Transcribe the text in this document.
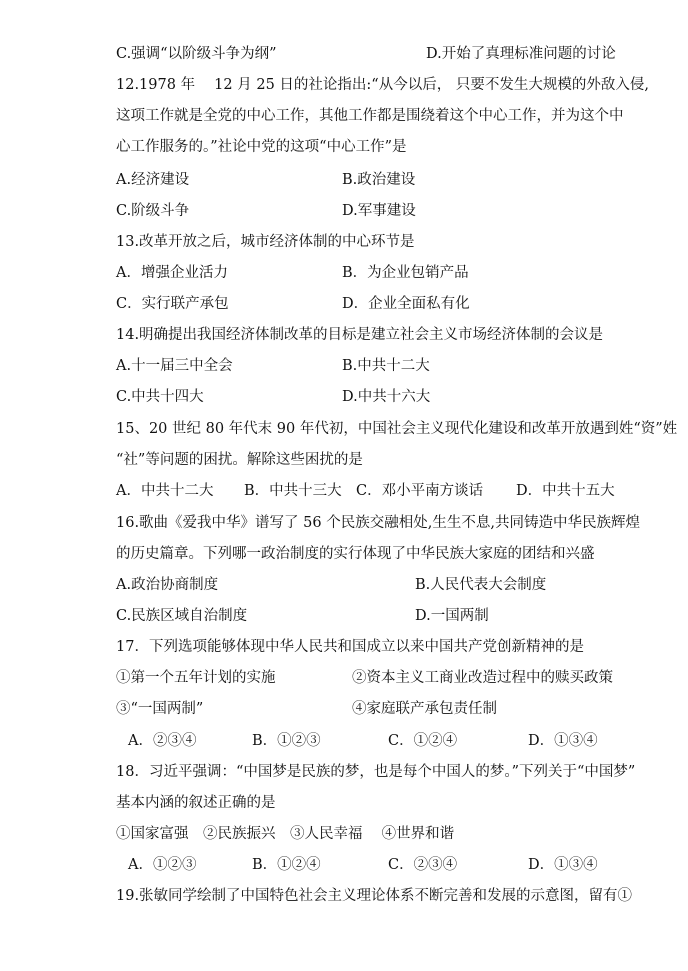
C.强调“以阶级斗争为纲”	D.开始了真理标准问题的讨论
12.1978 年　 12 月 25 日的社论指出:“从今以后， 只要不发生大规模的外敌入侵,
这项工作就是全党的中心工作，其他工作都是围绕着这个中心工作，并为这个中
心工作服务的。”社论中党的这项“中心工作”是
A.经济建设	B.政治建设
C.阶级斗争	D.军事建设
13.改革开放之后，城市经济体制的中心环节是
A．增强企业活力	B．为企业包销产品
C．实行联产承包	D．企业全面私有化
14.明确提出我国经济体制改革的目标是建立社会主义市场经济体制的会议是
A.十一届三中全会	B.中共十二大
C.中共十四大	D.中共十六大
15、20 世纪 80 年代末 90 年代初，中国社会主义现代化建设和改革开放遇到姓“资”姓
“社”等问题的困扰。解除这些困扰的是
A．中共十二大 B．中共十三大 C．邓小平南方谈话 D．中共十五大
16.歌曲《爱我中华》谱写了 56 个民族交融相处,生生不息,共同铸造中华民族辉煌
的历史篇章。下列哪一政治制度的实行体现了中华民族大家庭的团结和兴盛
A.政治协商制度	B.人民代表大会制度
C.民族区域自治制度	D.一国两制
17．下列选项能够体现中华人民共和国成立以来中国共产党创新精神的是
①第一个五年计划的实施	②资本主义工商业改造过程中的赎买政策
③“一国两制”	④家庭联产承包责任制
A．②③④	B．①②③	C．①②④	D．①③④
18．习近平强调：“中国梦是民族的梦，也是每个中国人的梦。”下列关于“中国梦”
基本内涵的叙述正确的是
①国家富强　②民族振兴　③人民幸福　 ④世界和谐
A．①②③	B．①②④	C．②③④	D．①③④
19.张敏同学绘制了中国特色社会主义理论体系不断完善和发展的示意图，留有①
